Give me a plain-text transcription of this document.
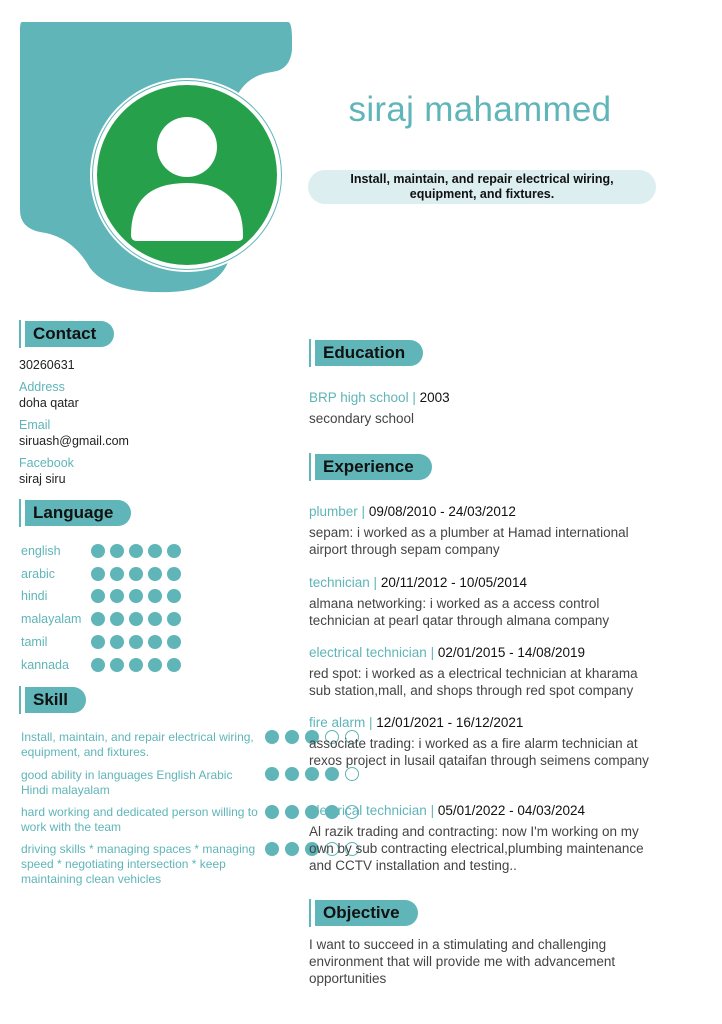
siraj mahammed
Install, maintain, and repair electrical wiring, equipment, and fixtures.
Contact
30260631
Address
doha qatar
Email
siruash@gmail.com
Facebook
siraj siru
Language
english
arabic
hindi
malayalam
tamil
kannada
Skill
Install, maintain, and repair electrical wiring, equipment, and fixtures.
good ability in languages English Arabic Hindi malayalam
hard working and dedicated person willing to work with the team
driving skills * managing spaces * managing speed * negotiating intersection * keep maintaining clean vehicles
Education
BRP high school | 2003
secondary school
Experience
plumber | 09/08/2010 - 24/03/2012
sepam: i worked as a plumber at Hamad international airport through sepam company
technician | 20/11/2012 - 10/05/2014
almana networking: i worked as a access control technician at pearl qatar through almana company
electrical technician | 02/01/2015 - 14/08/2019
red spot: i worked as a electrical technician at kharama sub station,mall, and shops through red spot company
fire alarm | 12/01/2021 - 16/12/2021
associate trading: i worked as a fire alarm technician at rexos project in lusail qataifan through seimens company
electrical technician | 05/01/2022 - 04/03/2024
Al razik trading and contracting: now I'm working on my own by sub contracting electrical,plumbing maintenance and CCTV installation and testing..
Objective
I want to succeed in a stimulating and challenging environment that will provide me with advancement opportunities
